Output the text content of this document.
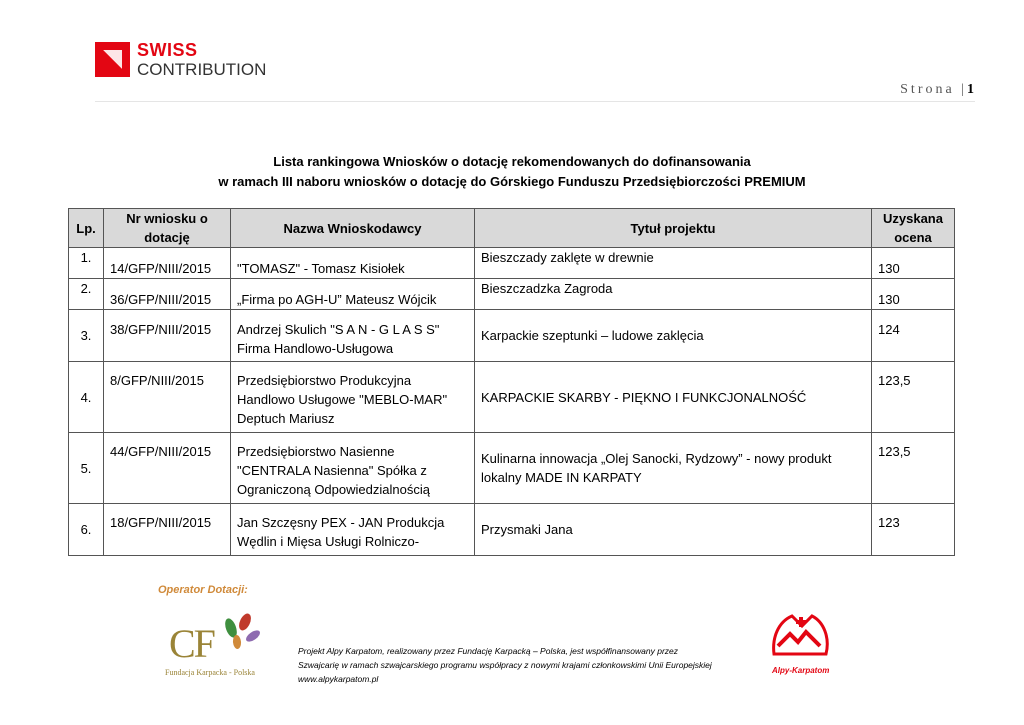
SWISS
CONTRIBUTION
Strona |1
Lista rankingowa Wniosków o dotację rekomendowanych do dofinansowania
w ramach III naboru wniosków o dotację do Górskiego Funduszu Przedsiębiorczości PREMIUM
Lp.	Nr wniosku o dotację	Nazwa Wnioskodawcy	Tytuł projektu	Uzyskana ocena
1.	14/GFP/NIII/2015	"TOMASZ" - Tomasz Kisiołek	Bieszczady zaklęte w drewnie	130
2.	36/GFP/NIII/2015	„Firma po AGH-U” Mateusz Wójcik	Bieszczadzka Zagroda	130
3.	38/GFP/NIII/2015	Andrzej Skulich "S A N - G L A S S" Firma Handlowo-Usługowa	Karpackie szeptunki – ludowe zaklęcia	124
4.	8/GFP/NIII/2015	Przedsiębiorstwo Produkcyjna Handlowo Usługowe "MEBLO-MAR" Deptuch Mariusz	KARPACKIE SKARBY - PIĘKNO I FUNKCJONALNOŚĆ	123,5
5.	44/GFP/NIII/2015	Przedsiębiorstwo Nasienne "CENTRALA Nasienna" Spółka z Ograniczoną Odpowiedzialnością	Kulinarna innowacja „Olej Sanocki, Rydzowy” - nowy produkt lokalny MADE IN KARPATY	123,5
6.	18/GFP/NIII/2015	Jan Szczęsny PEX - JAN Produkcja Wędlin i Mięsa Usługi Rolniczo-	Przysmaki Jana	123
Operator Dotacji:
CF
Fundacja Karpacka - Polska
Projekt Alpy Karpatom, realizowany przez Fundację Karpacką – Polska, jest współfinansowany przez
Szwajcarię w ramach szwajcarskiego programu współpracy z nowymi krajami członkowskimi Unii Europejskiej
www.alpykarpatom.pl
Alpy-Karpatom
